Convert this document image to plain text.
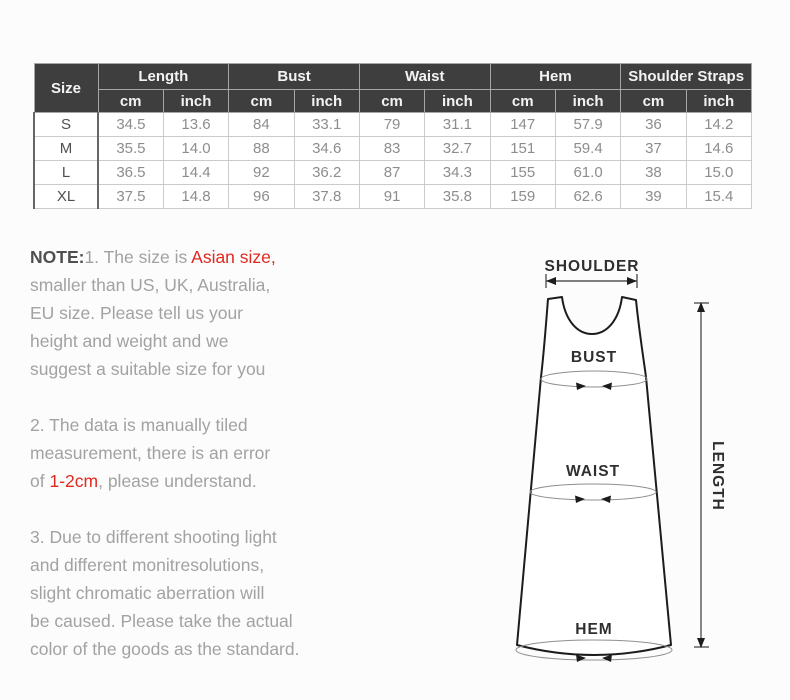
Size	Length		Bust		Waist		Hem		Shoulder Straps	
	cm	inch	cm	inch	cm	inch	cm	inch	cm	inch
S	34.5	13.6	84	33.1	79	31.1	147	57.9	36	14.2
M	35.5	14.0	88	34.6	83	32.7	151	59.4	37	14.6
L	36.5	14.4	92	36.2	87	34.3	155	61.0	38	15.0
XL	37.5	14.8	96	37.8	91	35.8	159	62.6	39	15.4

NOTE:1. The size is Asian size,
smaller than US, UK, Australia,
EU size. Please tell us your
height and weight and we
suggest a suitable size for you

2. The data is manually tiled
measurement, there is an error
of 1-2cm, please understand.

3. Due to different shooting light
and different monitresolutions,
slight chromatic aberration will
be caused. Please take the actual
color of the goods as the standard.

SHOULDER
BUST
WAIST
HEM
LENGTH
